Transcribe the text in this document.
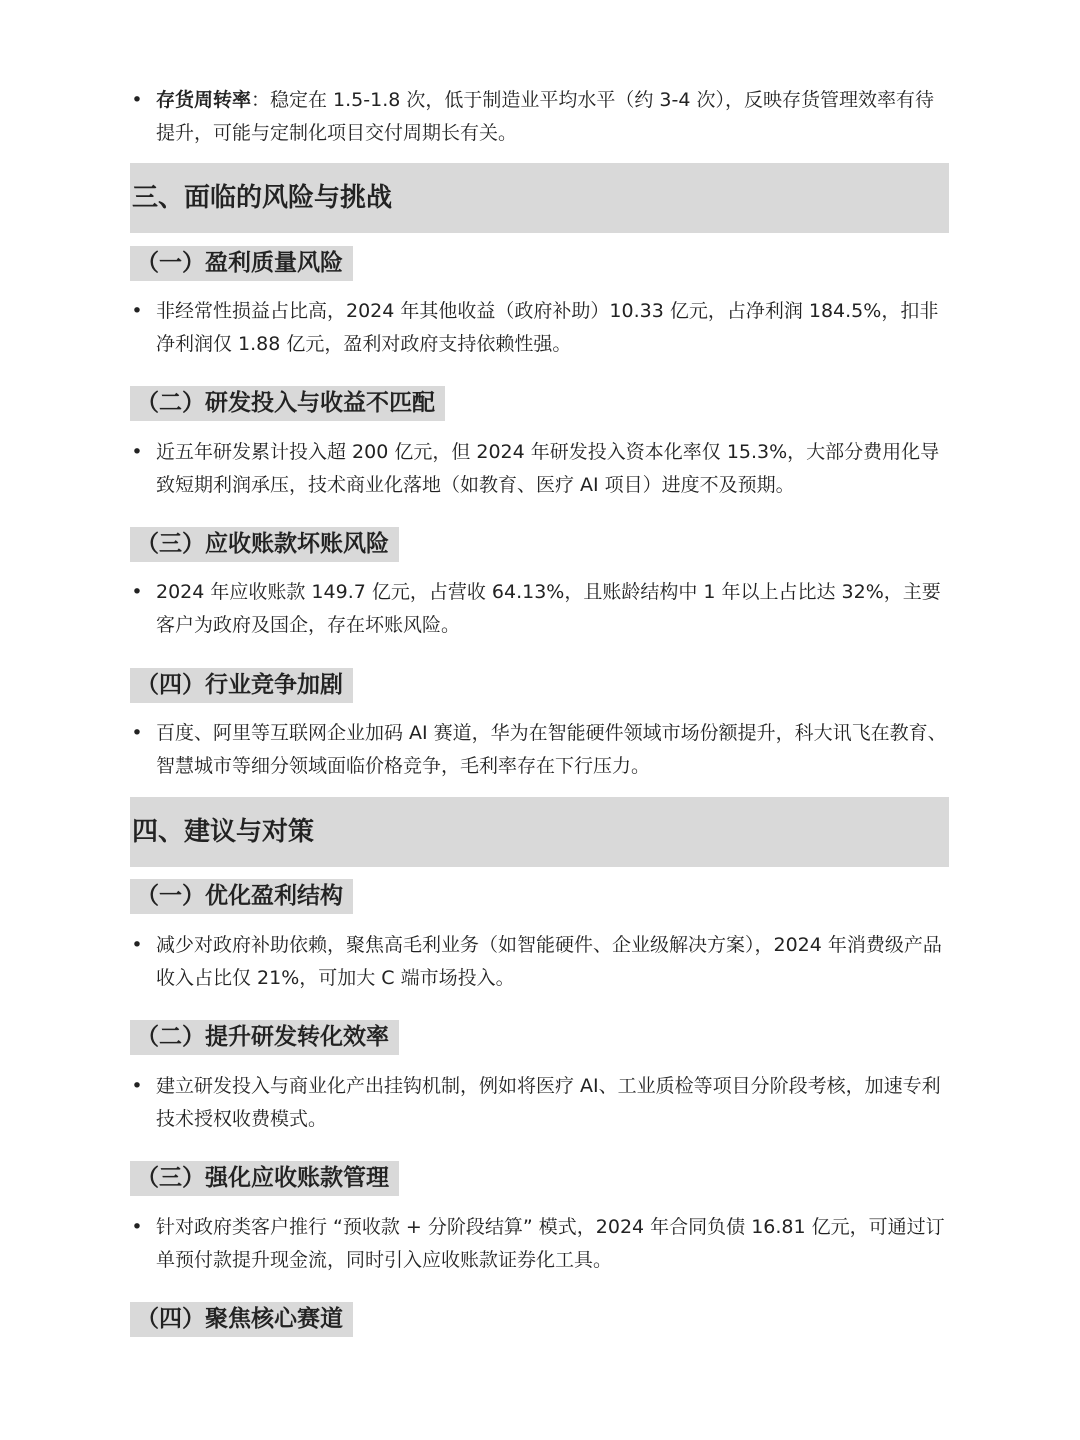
• 存货周转率：稳定在 1.5-1.8 次，低于制造业平均水平（约 3-4 次），反映存货管理效率有待提升，可能与定制化项目交付周期长有关。
三、面临的风险与挑战
（一）盈利质量风险
• 非经常性损益占比高，2024 年其他收益（政府补助）10.33 亿元，占净利润 184.5%，扣非净利润仅 1.88 亿元，盈利对政府支持依赖性强。
（二）研发投入与收益不匹配
• 近五年研发累计投入超 200 亿元，但 2024 年研发投入资本化率仅 15.3%，大部分费用化导致短期利润承压，技术商业化落地（如教育、医疗 AI 项目）进度不及预期。
（三）应收账款坏账风险
• 2024 年应收账款 149.7 亿元，占营收 64.13%，且账龄结构中 1 年以上占比达 32%，主要客户为政府及国企，存在坏账风险。
（四）行业竞争加剧
• 百度、阿里等互联网企业加码 AI 赛道，华为在智能硬件领域市场份额提升，科大讯飞在教育、智慧城市等细分领域面临价格竞争，毛利率存在下行压力。
四、建议与对策
（一）优化盈利结构
• 减少对政府补助依赖，聚焦高毛利业务（如智能硬件、企业级解决方案），2024 年消费级产品收入占比仅 21%，可加大 C 端市场投入。
（二）提升研发转化效率
• 建立研发投入与商业化产出挂钩机制，例如将医疗 AI、工业质检等项目分阶段考核，加速专利技术授权收费模式。
（三）强化应收账款管理
• 针对政府类客户推行 “预收款 + 分阶段结算” 模式，2024 年合同负债 16.81 亿元，可通过订单预付款提升现金流，同时引入应收账款证券化工具。
（四）聚焦核心赛道
